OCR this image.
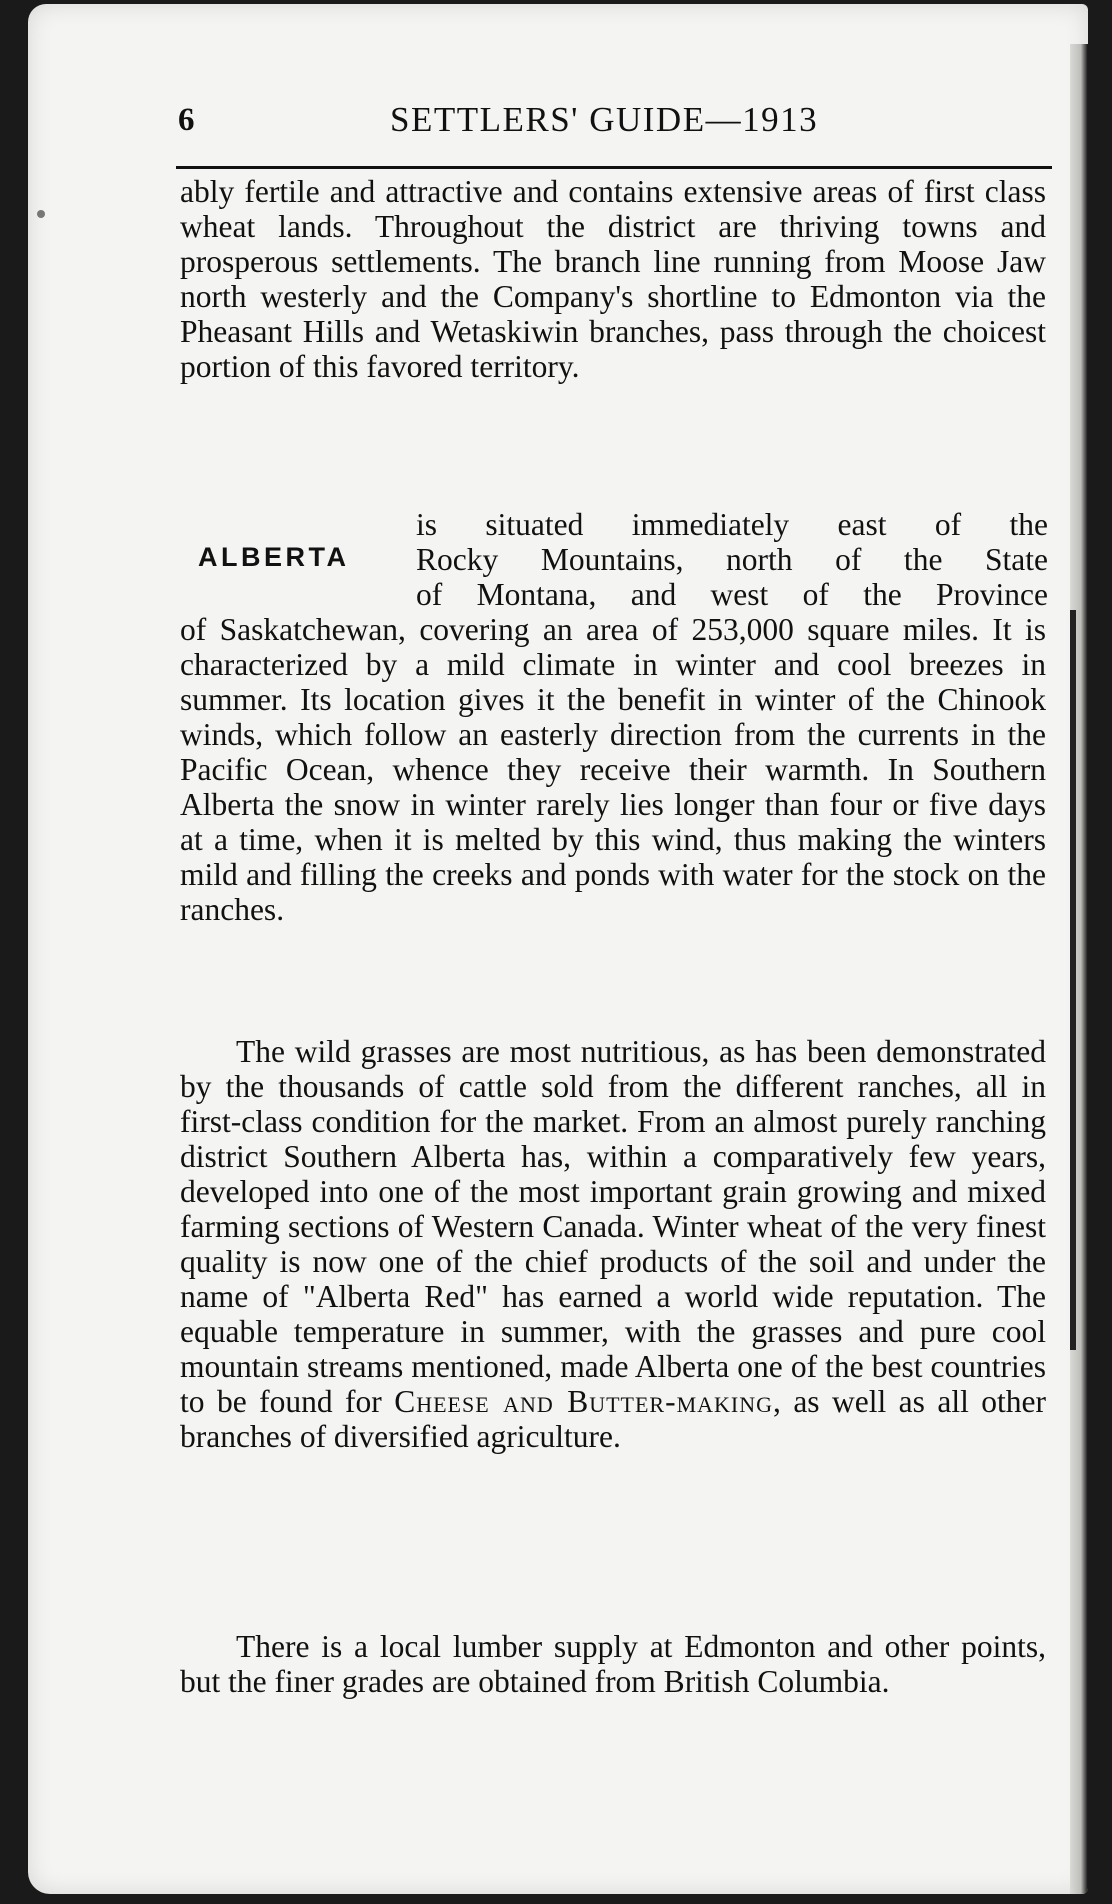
6	SETTLERS' GUIDE—1913
ably fertile and attractive and contains extensive areas of first class wheat lands. Throughout the district are thriving towns and prosperous settlements. The branch line running from Moose Jaw north westerly and the Company's shortline to Edmonton via the Pheasant Hills and Wetaskiwin branches, pass through the choicest portion of this favored territory.
ALBERTA
is situated immediately east of the
Rocky Mountains, north of the State
of Montana, and west of the Province
of Saskatchewan, covering an area of 253,000 square miles. It is characterized by a mild climate in winter and cool breezes in summer. Its location gives it the benefit in winter of the Chinook winds, which follow an easterly direction from the currents in the Pacific Ocean, whence they receive their warmth. In Southern Alberta the snow in winter rarely lies longer than four or five days at a time, when it is melted by this wind, thus making the winters mild and filling the creeks and ponds with water for the stock on the ranches.
The wild grasses are most nutritious, as has been demonstrated by the thousands of cattle sold from the different ranches, all in first-class condition for the market. From an almost purely ranching district Southern Alberta has, within a comparatively few years, developed into one of the most important grain growing and mixed farming sections of Western Canada. Winter wheat of the very finest quality is now one of the chief products of the soil and under the name of "Alberta Red" has earned a world wide reputation. The equable temperature in summer, with the grasses and pure cool mountain streams mentioned, made Alberta one of the best countries to be found for Cheese and Butter-making, as well as all other branches of diversified agriculture.
There is a local lumber supply at Edmonton and other points, but the finer grades are obtained from British Columbia.
